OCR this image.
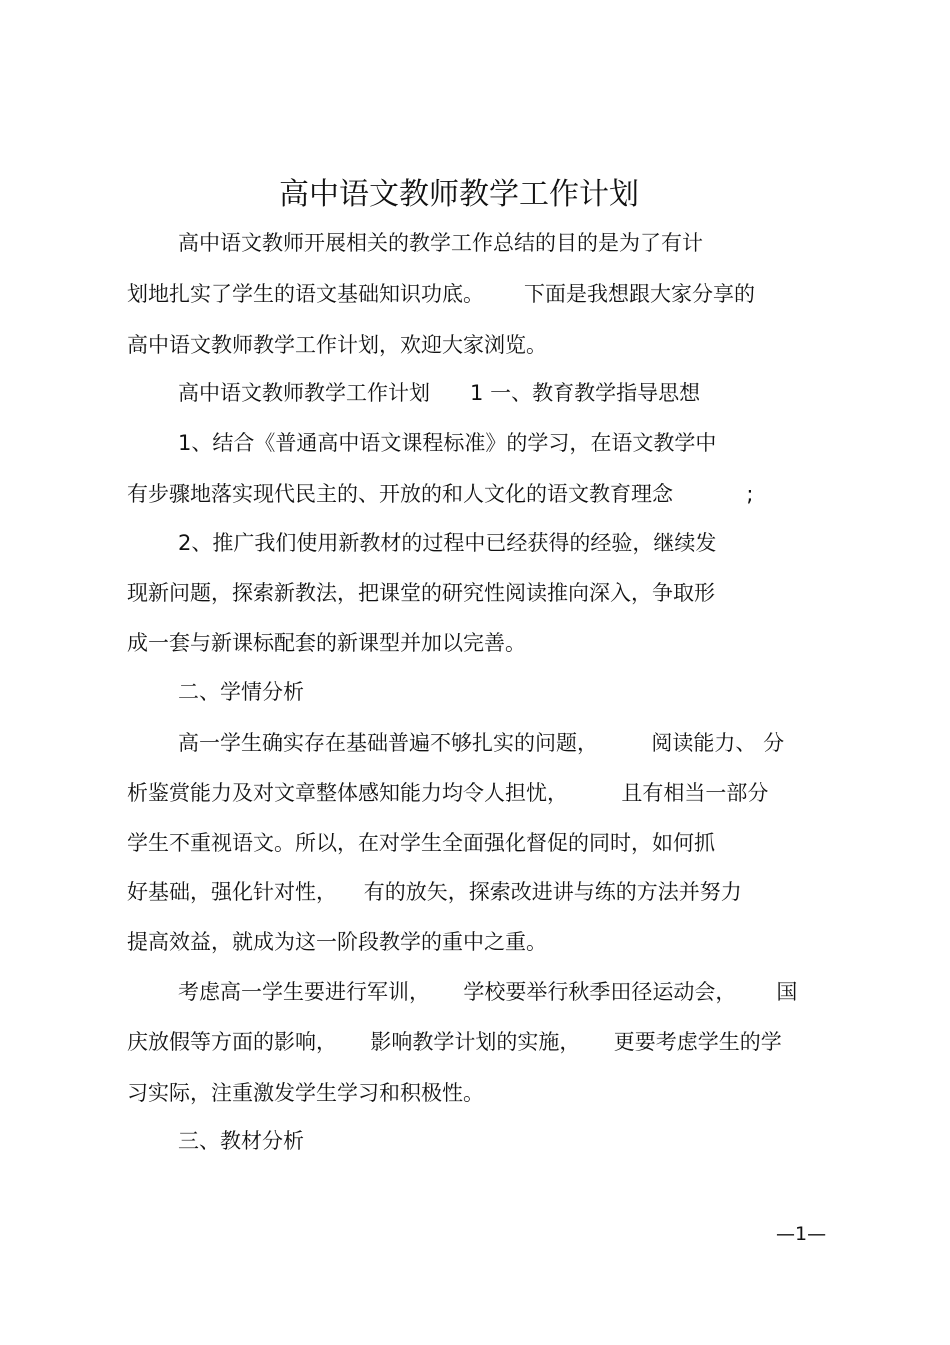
高中语文教师教学工作计划
高中语文教师开展相关的教学工作总结的目的是为了有计
划地扎实了学生的语文基础知识功底。      下面是我想跟大家分享的
高中语文教师教学工作计划，欢迎大家浏览。
高中语文教师教学工作计划      1 一、教育教学指导思想
1、结合《普通高中语文课程标准》的学习，在语文教学中
有步骤地落实现代民主的、开放的和人文化的语文教育理念           ;
2、推广我们使用新教材的过程中已经获得的经验，继续发
现新问题，探索新教法，把课堂的研究性阅读推向深入，争取形
成一套与新课标配套的新课型并加以完善。
二、学情分析
高一学生确实存在基础普遍不够扎实的问题，        阅读能力、 分
析鉴赏能力及对文章整体感知能力均令人担忧，        且有相当一部分
学生不重视语文。所以，在对学生全面强化督促的同时，如何抓
好基础，强化针对性，    有的放矢，探索改进讲与练的方法并努力
提高效益，就成为这一阶段教学的重中之重。
考虑高一学生要进行军训，     学校要举行秋季田径运动会，      国
庆放假等方面的影响，     影响教学计划的实施，     更要考虑学生的学
习实际，注重激发学生学习和积极性。
三、教材分析
—1—
